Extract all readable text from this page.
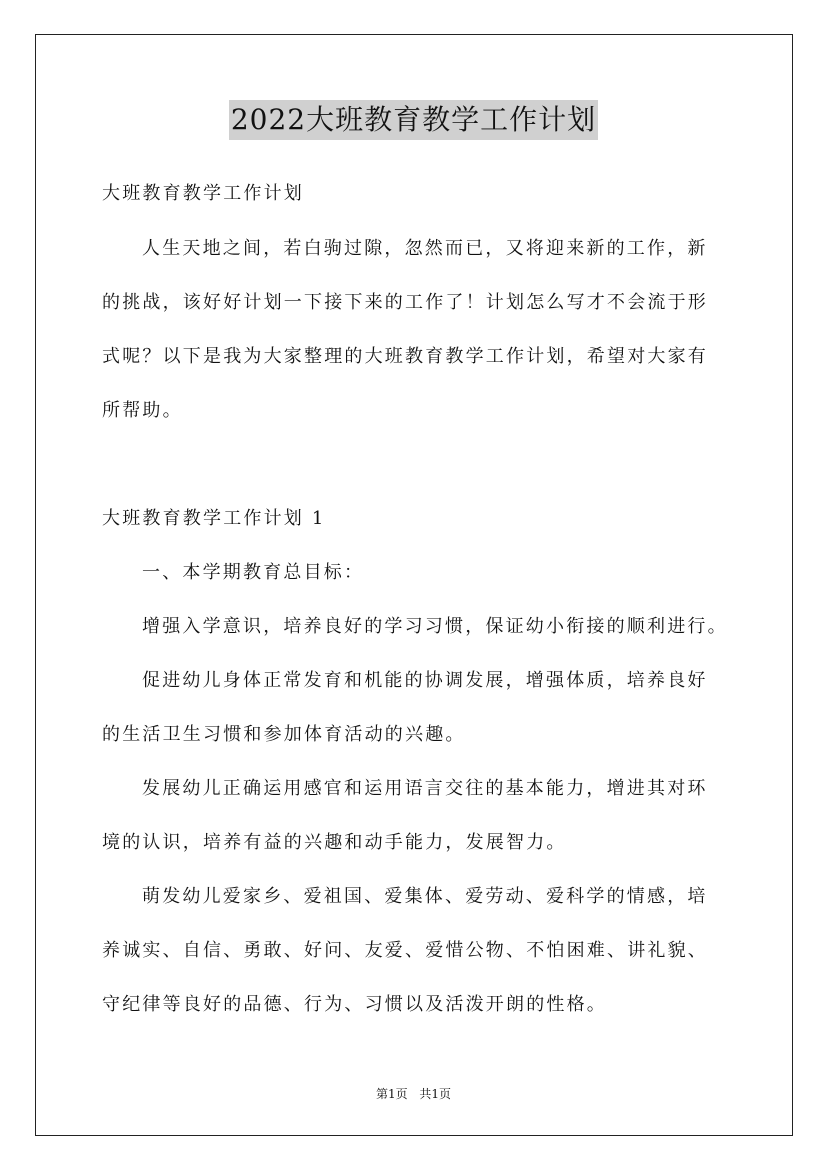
2022大班教育教学工作计划
大班教育教学工作计划
人生天地之间，若白驹过隙，忽然而已，又将迎来新的工作，新
的挑战，该好好计划一下接下来的工作了！计划怎么写才不会流于形
式呢？以下是我为大家整理的大班教育教学工作计划，希望对大家有
所帮助。
大班教育教学工作计划 1
一、本学期教育总目标：
增强入学意识，培养良好的学习习惯，保证幼小衔接的顺利进行。
促进幼儿身体正常发育和机能的协调发展，增强体质，培养良好
的生活卫生习惯和参加体育活动的兴趣。
发展幼儿正确运用感官和运用语言交往的基本能力，增进其对环
境的认识，培养有益的兴趣和动手能力，发展智力。
萌发幼儿爱家乡、爱祖国、爱集体、爱劳动、爱科学的情感，培
养诚实、自信、勇敢、好问、友爱、爱惜公物、不怕困难、讲礼貌、
守纪律等良好的品德、行为、习惯以及活泼开朗的性格。
第1页 共1页
